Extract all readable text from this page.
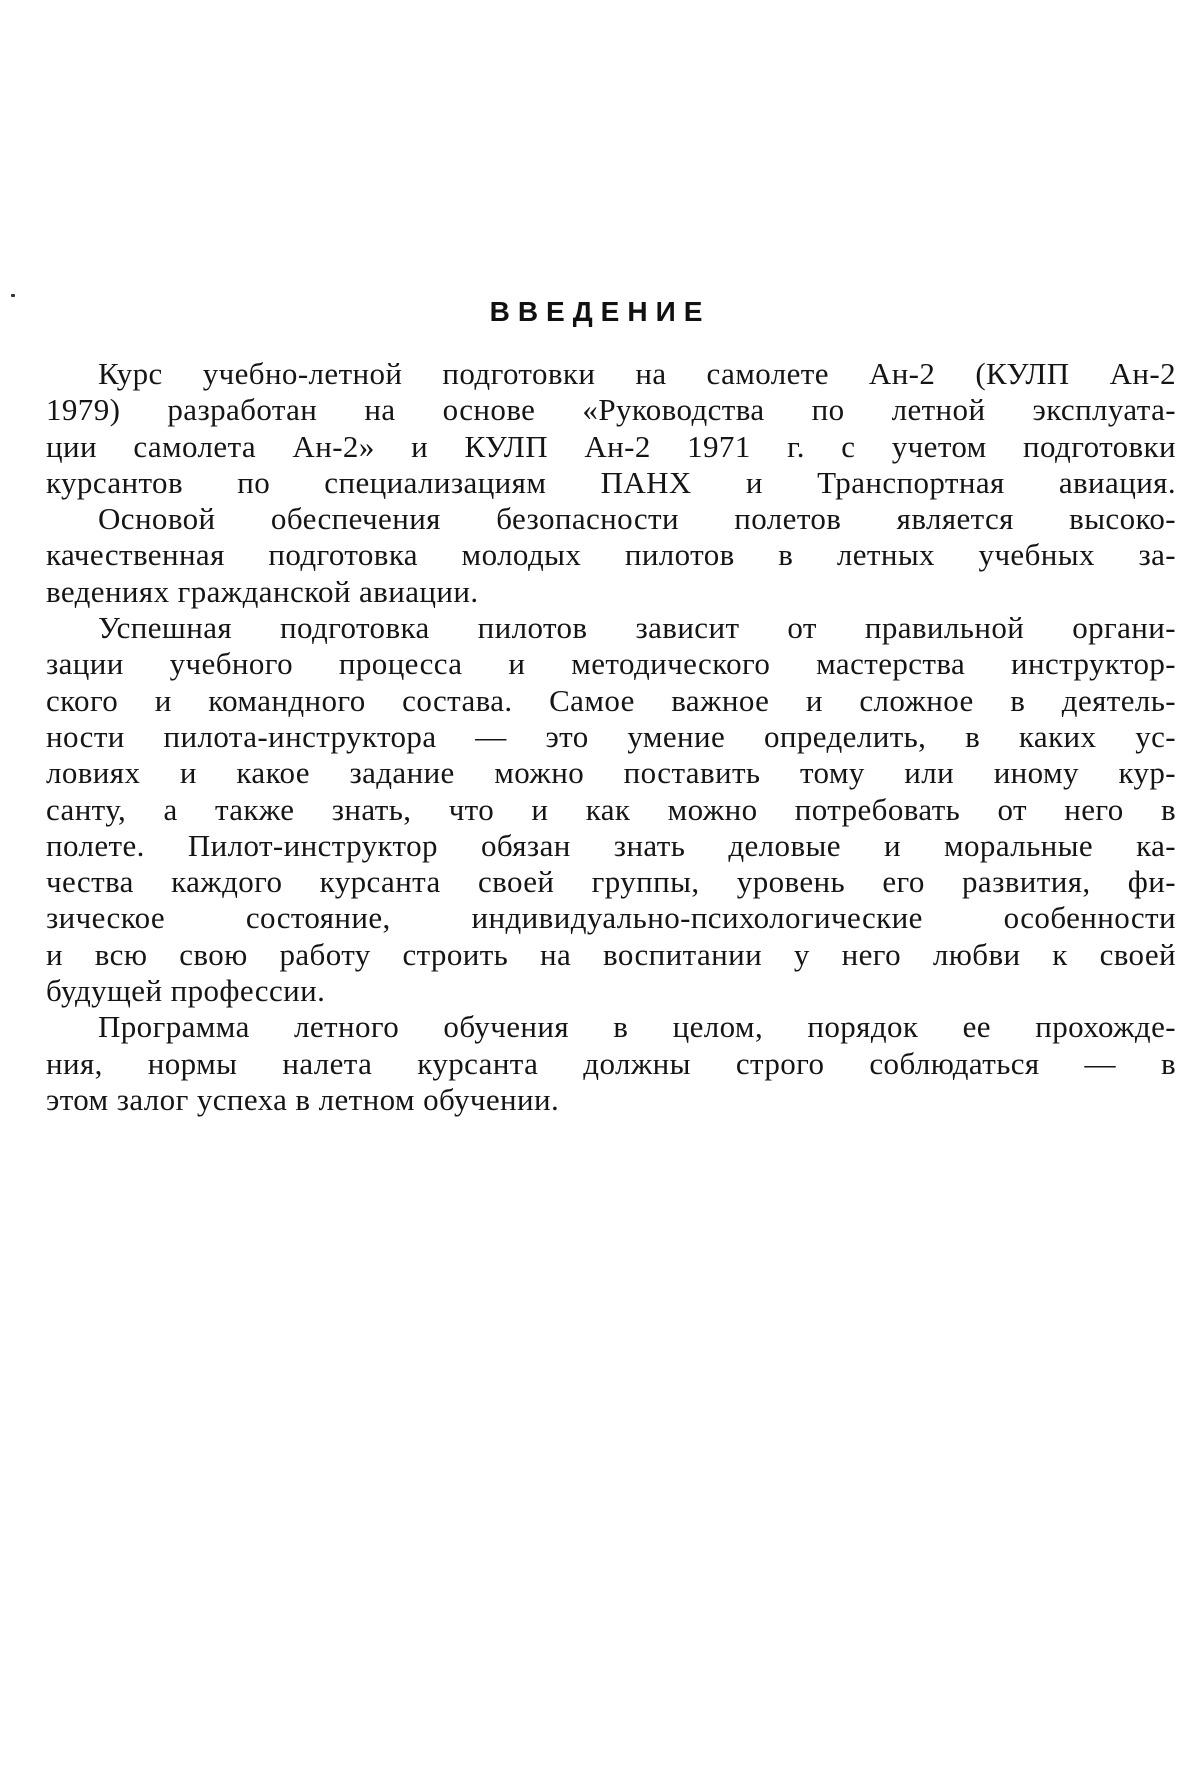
ВВЕДЕНИЕ
Курс учебно-летной подготовки на самолете Ан-2 (КУЛП Ан-2
1979) разработан на основе «Руководства по летной эксплуата-
ции самолета Ан-2» и КУЛП Ан-2 1971 г. с учетом подготовки
курсантов по специализациям ПАНХ и Транспортная авиация.
Основой обеспечения безопасности полетов является высоко-
качественная подготовка молодых пилотов в летных учебных за-
ведениях гражданской авиации.
Успешная подготовка пилотов зависит от правильной органи-
зации учебного процесса и методического мастерства инструктор-
ского и командного состава. Самое важное и сложное в деятель-
ности пилота-инструктора — это умение определить, в каких ус-
ловиях и какое задание можно поставить тому или иному кур-
санту, а также знать, что и как можно потребовать от него в
полете. Пилот-инструктор обязан знать деловые и моральные ка-
чества каждого курсанта своей группы, уровень его развития, фи-
зическое состояние, индивидуально-психологические особенности
и всю свою работу строить на воспитании у него любви к своей
будущей профессии.
Программа летного обучения в целом, порядок ее прохожде-
ния, нормы налета курсанта должны строго соблюдаться — в
этом залог успеха в летном обучении.
